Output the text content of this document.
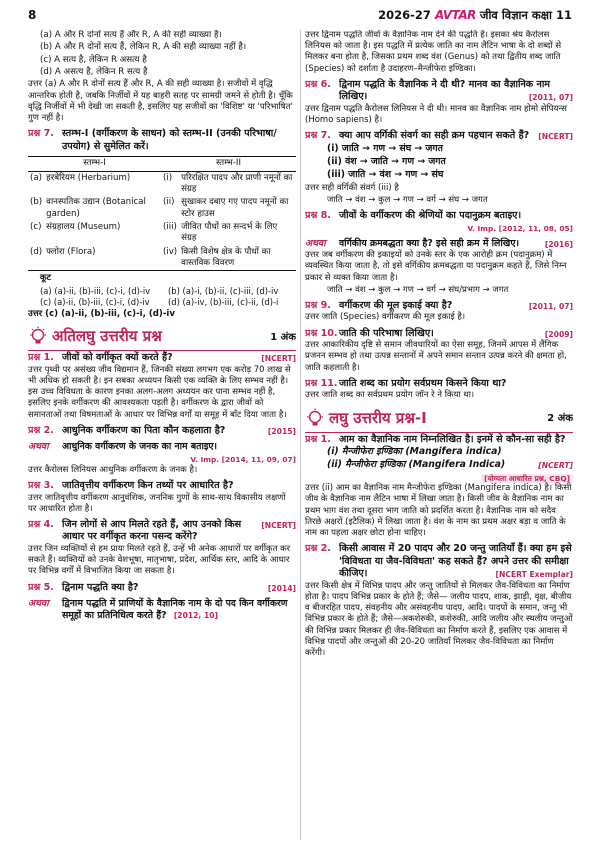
8	2026-27 AVTAR जीव विज्ञान कक्षा 11

(a) A और R दोनों सत्य हैं और R, A की सही व्याख्या है।

(b) A और R दोनों सत्य हैं, लेकिन R, A की सही व्याख्या नहीं है।

(c) A सत्य है, लेकिन R असत्य है

(d) A असत्य है, लेकिन R सत्य है

उत्तर (a) A और R दोनों सत्य हैं और R, A की सही व्याख्या है। सजीवों में वृद्धि आन्तरिक होती है, जबकि निर्जीवों में यह बाहरी सतह पर सामग्री जमने से होती है। चूँकि वृद्धि निर्जीवों में भी देखी जा सकती है, इसलिए यह सजीवों का 'विशिष्ट' या 'परिभाषित' गुण नहीं है।

प्रश्न 7. स्तम्भ-I (वर्गीकरण के साधन) को स्तम्भ-II (उनकी परिभाषा/उपयोग) से सुमेलित करें।
स्तम्भ-I		स्तम्भ-II	
(a)	हरबेरियम (Herbarium)	(i)	परिरक्षित पादप और प्राणी नमूनों का संग्रह
(b)	वानस्पतिक उद्यान (Botanical garden)	(ii)	सुखाकर दबाए गए पादप नमूनों का स्टोर हाउस
(c)	संग्रहालय (Museum)	(iii)	जीवित पौधों का सन्दर्भ के लिए संग्रह
(d)	फ्लोरा (Flora)	(iv)	किसी विशेष क्षेत्र के पौधों का वास्तविक विवरण

कूट

(a) (a)-ii, (b)-iii, (c)-i, (d)-iv	(b) (a)-i, (b)-ii, (c)-iii, (d)-iv
(c) (a)-ii, (b)-iii, (c)-i, (d)-iv	(d) (a)-iv, (b)-iii, (c)-ii, (d)-i

उत्तर (c) (a)-ii, (b)-iii, (c)-i, (d)-iv

अतिलघु उत्तरीय प्रश्न	1 अंक
[NCERT]
प्रश्न 1. जीवों को वर्गीकृत क्यों करते हैं?

उत्तर पृथ्वी पर असंख्य जीव विद्यमान हैं, जिनकी संख्या लगभग एक करोड़ 70 लाख से भी अधिक हो सकती है। इन सबका अध्ययन किसी एक व्यक्ति के लिए सम्भव नहीं है। इस उच्च विविधता के कारण इनका अलग-अलग अध्ययन कर पाना सम्भव नहीं है, इसलिए इनके वर्गीकरण की आवश्यकता पड़ती है। वर्गीकरण के द्वारा जीवों को समानताओं तथा विषमताओं के आधार पर विभिन्न वर्गों या समूह में बाँट दिया जाता है।

[2015]
प्रश्न 2. आधुनिक वर्गीकरण का पिता कौन कहलाता है?
अथवा आधुनिक वर्गीकरण के जनक का नाम बताइए।
V. Imp. [2014, 11, 09, 07]

उत्तर कैरोलस लिनियस आधुनिक वर्गीकरण के जनक है।

प्रश्न 3. जातिवृत्तीय वर्गीकरण किन तथ्यों पर आधारित है?

उत्तर जातिवृत्तीय वर्गीकरण आनुवंशिक, जननिक गुणों के साथ-साथ विकासीय लक्षणों पर आधारित होता है।

[NCERT]
प्रश्न 4. जिन लोगों से आप मिलते रहते हैं, आप उनको किस आधार पर वर्गीकृत करना पसन्द करेंगे?

उत्तर जिन व्यक्तियों से हम प्रायः मिलते रहते हैं, उन्हें भी अनेक आधारों पर वर्गीकृत कर सकते हैं। व्यक्तियों को उनके वेशभूषा, मातृभाषा, प्रदेश, आर्थिक स्तर, आदि के आधार पर विभिन्न वर्गों में विभाजित किया जा सकता है।

[2014]
प्रश्न 5. द्विनाम पद्धति क्या है?
अथवा द्विनाम पद्धति में प्राणियों के वैज्ञानिक नाम के दो पद किन वर्गीकरण समूहों का प्रतिनिधित्व करते हैं? [2012, 10]

उत्तर द्विनाम पद्धति जीवों के वैज्ञानिक नाम देने की पद्धति है। इसका श्रेय कैरोलस लिनियस को जाता है। इस पद्धति में प्रत्येक जाति का नाम लैटिन भाषा के दो शब्दों से मिलकर बना होता है, जिसका प्रथम शब्द वंश (Genus) को तथा द्वितीय शब्द जाति (Species) को दर्शाता है उदाहरण–मैन्जीफेरा इण्डिका।

प्रश्न 6. द्विनाम पद्धति के वैज्ञानिक ने दी थी? मानव का वैज्ञानिक नाम लिखिए।	[2011, 07]

उत्तर द्विनाम पद्धति कैरोलस लिनियस ने दी थी। मानव का वैज्ञानिक नाम होमो सेपियन्स (Homo sapiens) है।

प्रश्न 7. क्या आप वर्गिकी संवर्ग का सही क्रम पहचान सकते हैं? [NCERT]

(i) जाति → गण → संघ → जगत

(ii) वंश → जाति → गण → जगत

(iii) जाति → वंश → गण → संघ

उत्तर सही वर्गिकी संवर्ग (iii) है

जाति → वंश → कुल → गण → वर्ग → संघ → जगत

प्रश्न 8. जीवों के वर्गीकरण की श्रेणियों का पदानुक्रम बताइए।
V. Imp. [2012, 11, 08, 05]
अथवा वर्गिकीय क्रमबद्धता क्या है? इसे सही क्रम में लिखिए।	[2016]

उत्तर जब वर्गीकरण की इकाइयों को उनके स्तर के एक आरोही क्रम (पदानुक्रम) में व्यवस्थित किया जाता है, तो इसे वर्गिकीय क्रमबद्धता या पदानुक्रम कहते हैं, जिसे निम्न प्रकार से व्यक्त किया जाता है।

जाति → वंश → कुल → गण → वर्ग → संघ/प्रभाग → जगत

प्रश्न 9. वर्गीकरण की मूल इकाई क्या है?	[2011, 07]

उत्तर जाति (Species) वर्गीकरण की मूल इकाई है।

प्रश्न 10. जाति की परिभाषा लिखिए।	[2009]

उत्तर आकारिकीय दृष्टि से समान जीवधारियों का ऐसा समूह, जिनमें आपस में लैंगिक प्रजनन सम्भव हो तथा उत्पन्न सन्तानों में अपने समान सन्तान उत्पन्न करने की क्षमता हो, जाति कहलाती है।

प्रश्न 11. जाति शब्द का प्रयोग सर्वप्रथम किसने किया था?

उत्तर जाति शब्द का सर्वप्रथम प्रयोग जॉन रे ने किया था।

लघु उत्तरीय प्रश्न-I	2 अंक
प्रश्न 1. आम का वैज्ञानिक नाम निम्नलिखित है। इनमें से कौन-सा सही है?

(i) मैन्जीफेरा इण्डिका (Mangifera indica)

(ii) मैन्जीफेरा इण्डिका (Mangifera Indica)	[NCERT]

[योग्यता आधारित प्रश्न, CBQ]

उत्तर (ii) आम का वैज्ञानिक नाम मैन्जीफेरा इण्डिका (Mangifera indica) है। किसी जीव के वैज्ञानिक नाम लैटिन भाषा में लिखा जाता है। किसी जीव के वैज्ञानिक नाम का प्रथम भाग वंश तथा दूसरा भाग जाति को प्रदर्शित करता है। वैज्ञानिक नाम को सदैव तिरछे अक्षरों (इटैलिक) में लिखा जाता है। वंश के नाम का प्रथम अक्षर बड़ा व जाति के नाम का पहला अक्षर छोटा होना चाहिए।

प्रश्न 2. किसी आवास में 20 पादप और 20 जन्तु जातियाँ हैं। क्या हम इसे 'विविधता या जैव-विविधता' कह सकते हैं? अपने उत्तर की समीक्षा कीजिए।	[NCERT Exemplar]

उत्तर किसी क्षेत्र में विभिन्न पादप और जन्तु जातियों से मिलकर जैव-विविधता का निर्माण होता है। पादप विभिन्न प्रकार के होते हैं; जैसे— जलीय पादप, शाक, झाड़ी, वृक्ष, बीजीय व बीजरहित पादप, संवहनीय और असंवहनीय पादप, आदि। पादपों के समान, जन्तु भी विभिन्न प्रकार के होते हैं; जैसे—अकशेरुकी, कशेरुकी, आदि जलीय और स्थलीय जन्तुओं की विभिन्न प्रकार मिलकर ही जैव-विविधता का निर्माण करते हैं, इसलिए एक आवास में विभिन्न पादपों और जन्तुओं की 20-20 जातियाँ मिलकर जैव-विविधता का निर्माण करेंगी।
